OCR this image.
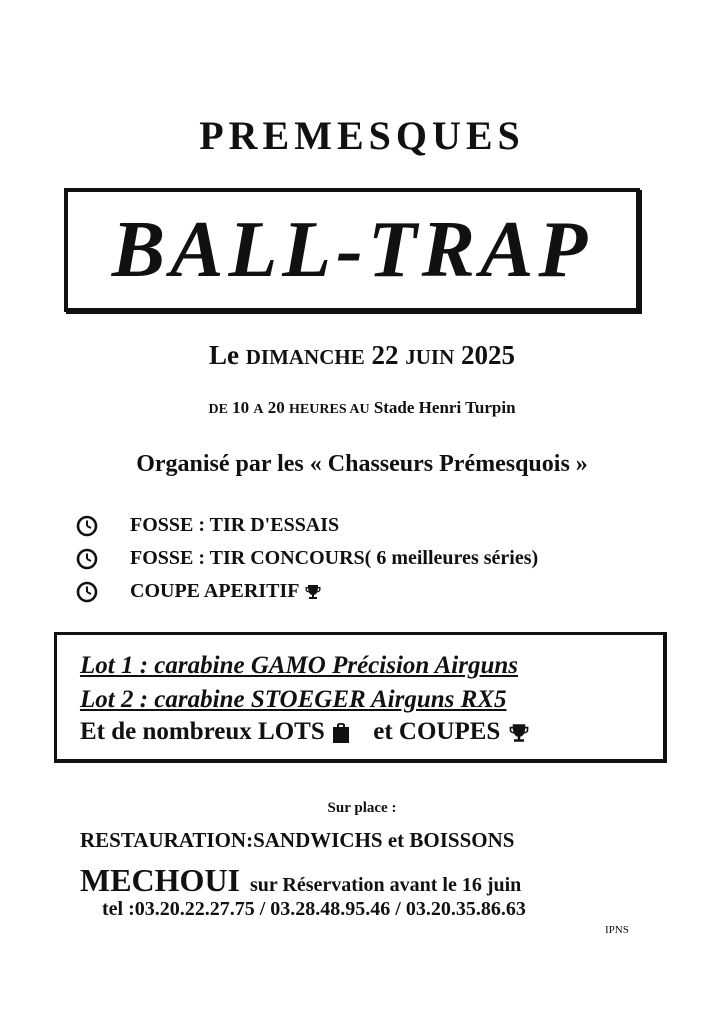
PREMESQUES
BALL-TRAP
Le DIMANCHE 22 JUIN 2025
DE 10 A 20 HEURES AU Stade Henri Turpin
Organisé par les « Chasseurs Prémesquois »
FOSSE : TIR D'ESSAIS
FOSSE : TIR CONCOURS( 6 meilleures séries)
COUPE APERITIF
Lot 1 : carabine GAMO Précision Airguns
Lot 2 : carabine STOEGER Airguns RX5
Et de nombreux LOTS et COUPES
Sur place :
RESTAURATION:SANDWICHS et BOISSONS
MECHOUI sur Réservation avant le 16 juin
tel :03.20.22.27.75 / 03.28.48.95.46 / 03.20.35.86.63
IPNS
